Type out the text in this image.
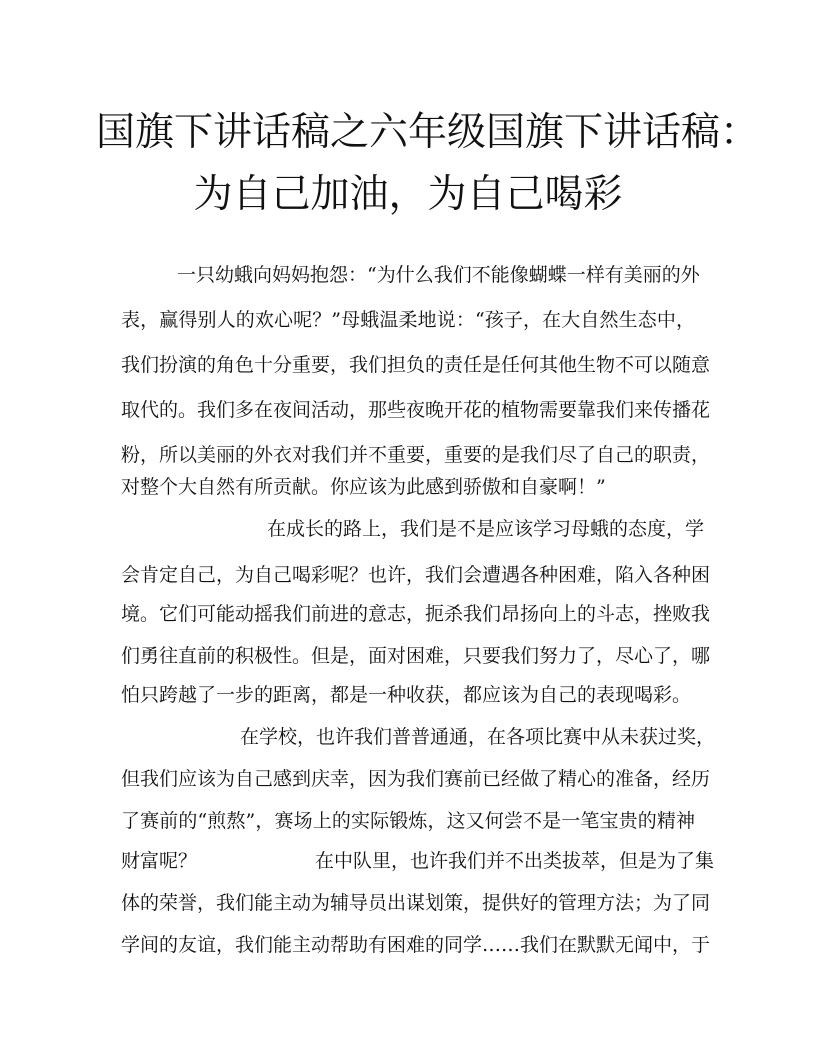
国旗下讲话稿之六年级国旗下讲话稿：
为自己加油，为自己喝彩

一只幼蛾向妈妈抱怨：“为什么我们不能像蝴蝶一样有美丽的外

表，赢得别人的欢心呢？”母蛾温柔地说：“孩子，在大自然生态中，

我们扮演的角色十分重要，我们担负的责任是任何其他生物不可以随意

取代的。我们多在夜间活动，那些夜晚开花的植物需要靠我们来传播花

粉，所以美丽的外衣对我们并不重要，重要的是我们尽了自己的职责，

对整个大自然有所贡献。你应该为此感到骄傲和自豪啊！”

在成长的路上，我们是不是应该学习母蛾的态度，学

会肯定自己，为自己喝彩呢？也许，我们会遭遇各种困难，陷入各种困

境。它们可能动摇我们前进的意志，扼杀我们昂扬向上的斗志，挫败我

们勇往直前的积极性。但是，面对困难，只要我们努力了，尽心了，哪

怕只跨越了一步的距离，都是一种收获，都应该为自己的表现喝彩。

在学校，也许我们普普通通，在各项比赛中从未获过奖，

但我们应该为自己感到庆幸，因为我们赛前已经做了精心的准备，经历

了赛前的“煎熬”，赛场上的实际锻炼，这又何尝不是一笔宝贵的精神

财富呢？	在中队里，也许我们并不出类拔萃，但是为了集

体的荣誉，我们能主动为辅导员出谋划策，提供好的管理方法；为了同

学间的友谊，我们能主动帮助有困难的同学……我们在默默无闻中，于
